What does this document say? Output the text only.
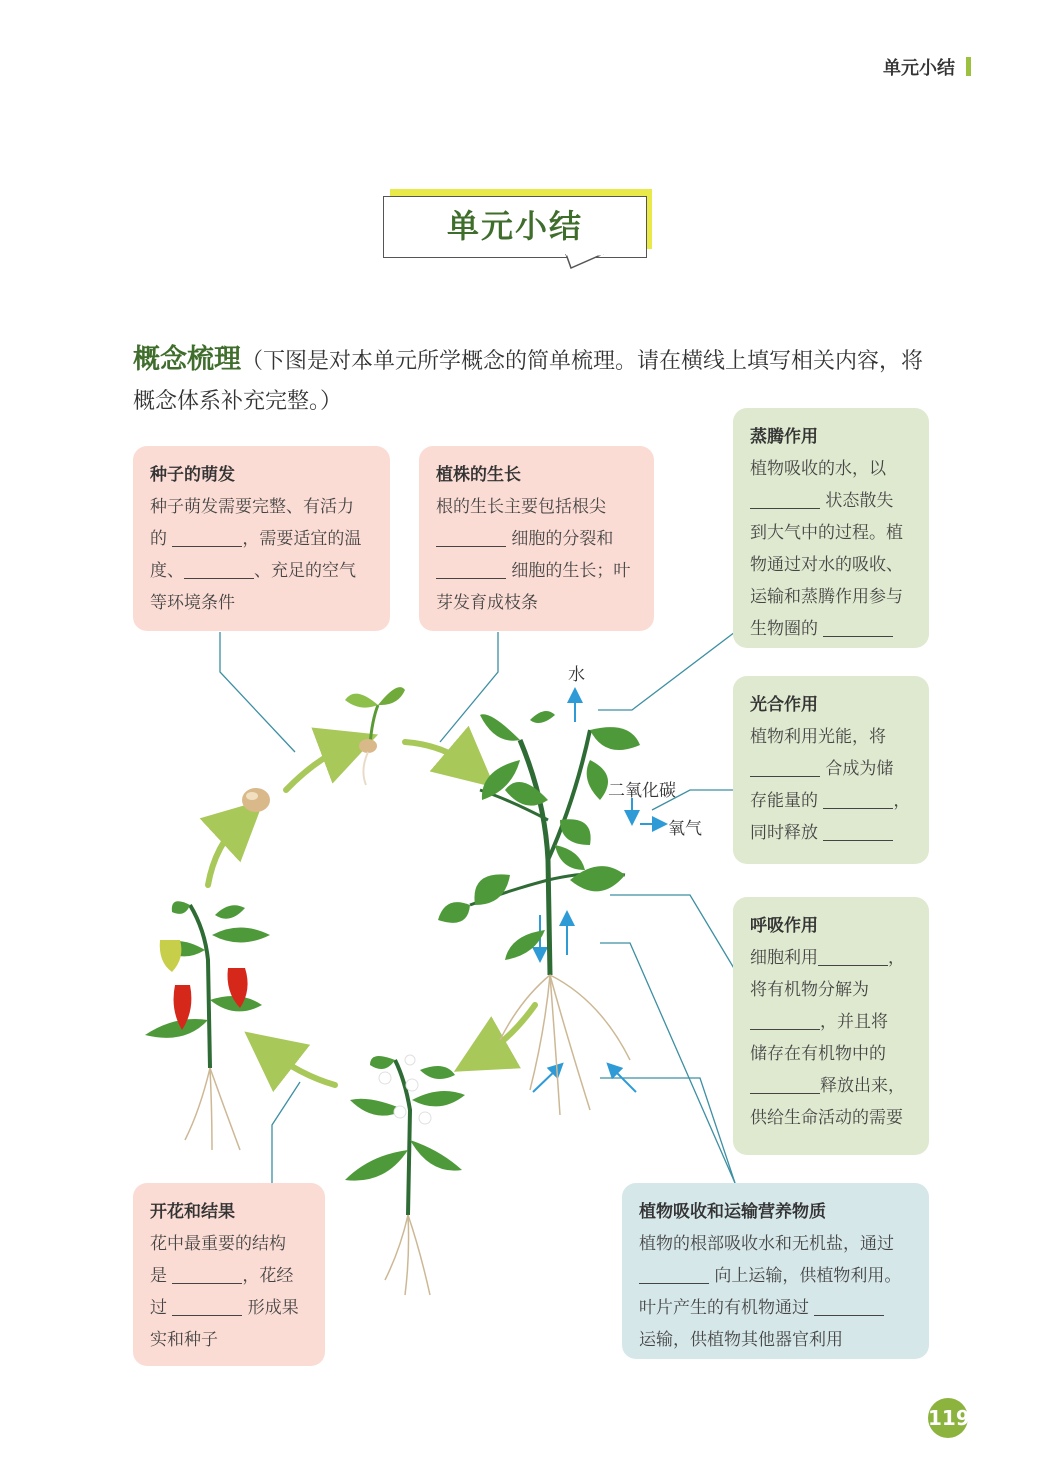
单元小结
单元小结
概念梳理（下图是对本单元所学概念的简单梳理。请在横线上填写相关内容，将概念体系补充完整。）
水
二氧化碳
氧气
种子的萌发
种子萌发需要完整、有活力
的	，需要适宜的温
度、	、充足的空气
等环境条件
植株的生长
根的生长主要包括根尖
细胞的分裂和
细胞的生长；叶
芽发育成枝条
蒸腾作用
植物吸收的水，以
状态散失
到大气中的过程。植
物通过对水的吸收、
运输和蒸腾作用参与
生物圈的
光合作用
植物利用光能，将
合成为储
存能量的	，
同时释放
呼吸作用
细胞利用	，
将有机物分解为
，并且将
储存在有机物中的
释放出来，
供给生命活动的需要
开花和结果
花中最重要的结构
是	，花经
过	形成果
实和种子
植物吸收和运输营养物质
植物的根部吸收水和无机盐，通过
向上运输，供植物利用。
叶片产生的有机物通过
运输，供植物其他器官利用
119
